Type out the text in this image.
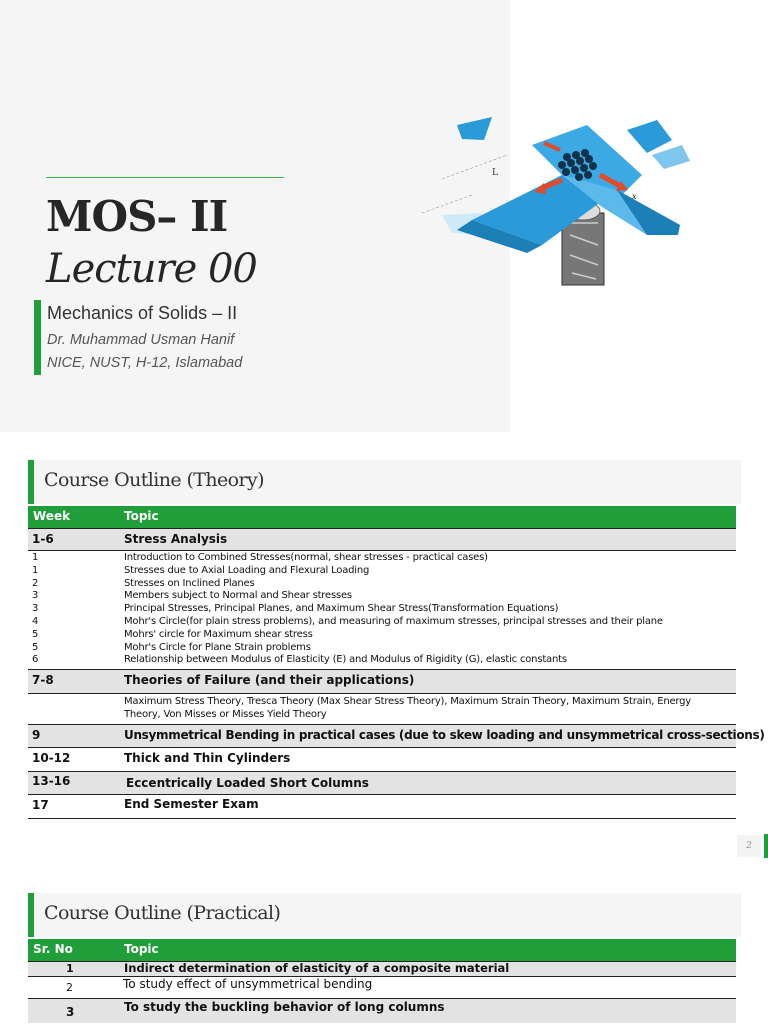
MOS– II
Lecture 00
Mechanics of Solids – II
Dr. Muhammad Usman Hanif
NICE, NUST, H-12, Islamabad
L
x
Course Outline (Theory)
Week	Topic
1-6	Stress Analysis
1	Introduction to Combined Stresses(normal, shear stresses - practical cases)
1	Stresses due to Axial Loading and Flexural Loading
2	Stresses on Inclined Planes
3	Members subject to Normal and Shear stresses
3	Principal Stresses, Principal Planes, and Maximum Shear Stress(Transformation Equations)
4	Mohr's Circle(for plain stress problems), and measuring of maximum stresses, principal stresses and their plane
5	Mohrs' circle for Maximum shear stress
5	Mohr's Circle for Plane Strain problems
6	Relationship between Modulus of Elasticity (E) and Modulus of Rigidity (G), elastic constants
7-8	Theories of Failure (and their applications)
Maximum Stress Theory, Tresca Theory (Max Shear Stress Theory), Maximum Strain Theory, Maximum Strain, Energy Theory, Von Misses or Misses Yield Theory
9	Unsymmetrical Bending in practical cases (due to skew loading and unsymmetrical cross-sections)
10-12	Thick and Thin Cylinders
13-16	Eccentrically Loaded Short Columns
17	End Semester Exam
2
Course Outline (Practical)
Sr. No	Topic
1	Indirect determination of elasticity of a composite material
2	To study effect of unsymmetrical bending
3	To study the buckling behavior of long columns
